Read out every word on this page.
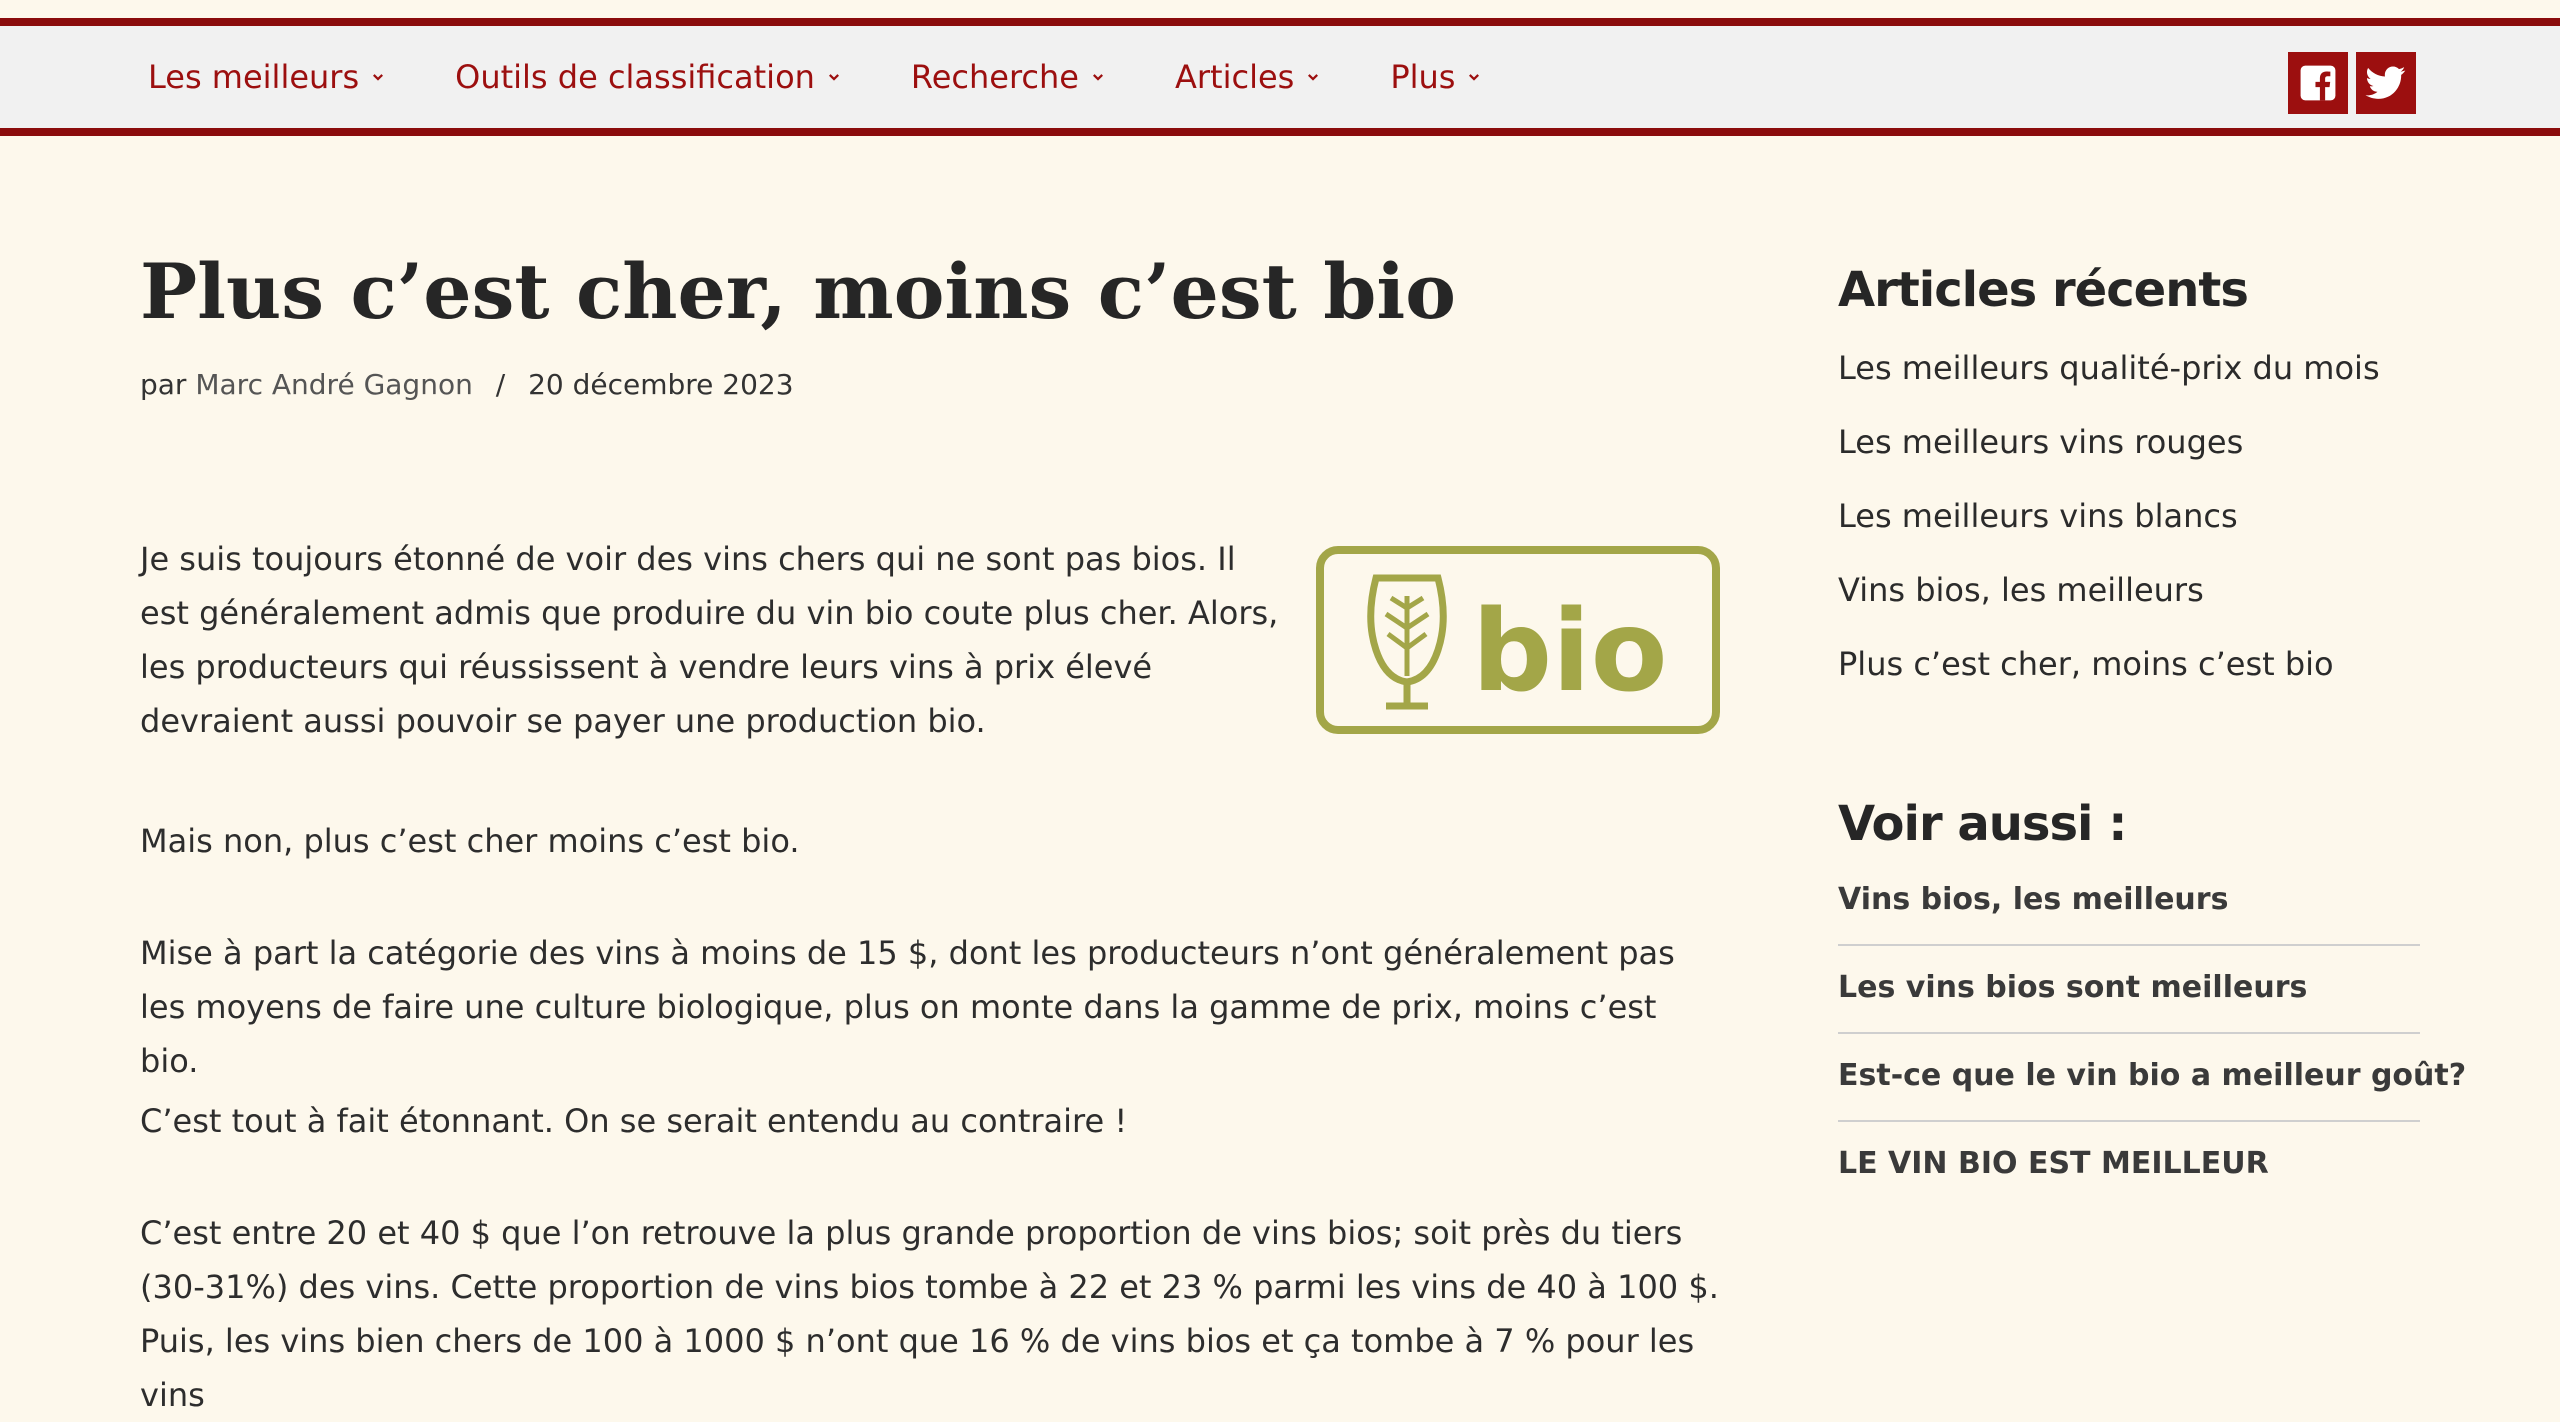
Les meilleurs	Outils de classification	Recherche	Articles	Plus
Plus c’est cher, moins c’est bio
par Marc André Gagnon / 20 décembre 2023

Je suis toujours étonné de voir des vins chers qui ne sont pas bios. Il est généralement admis que produire du vin bio coute plus cher. Alors, les producteurs qui réussissent à vendre leurs vins à prix élevé devraient aussi pouvoir se payer une production bio.

bio

Mais non, plus c’est cher moins c’est bio.

Mise à part la catégorie des vins à moins de 15 $, dont les producteurs n’ont généralement pas les moyens de faire une culture biologique, plus on monte dans la gamme de prix, moins c’est bio.

C’est tout à fait étonnant. On se serait entendu au contraire !

C’est entre 20 et 40 $ que l’on retrouve la plus grande proportion de vins bios; soit près du tiers (30-31%) des vins. Cette proportion de vins bios tombe à 22 et 23 % parmi les vins de 40 à 100 $. Puis, les vins bien chers de 100 à 1000 $ n’ont que 16 % de vins bios et ça tombe à 7 % pour les vins

Articles récents
Les meilleurs qualité-prix du mois
Les meilleurs vins rouges
Les meilleurs vins blancs
Vins bios, les meilleurs
Plus c’est cher, moins c’est bio
Voir aussi :
Vins bios, les meilleurs
Les vins bios sont meilleurs
Est-ce que le vin bio a meilleur goût?
LE VIN BIO EST MEILLEUR
